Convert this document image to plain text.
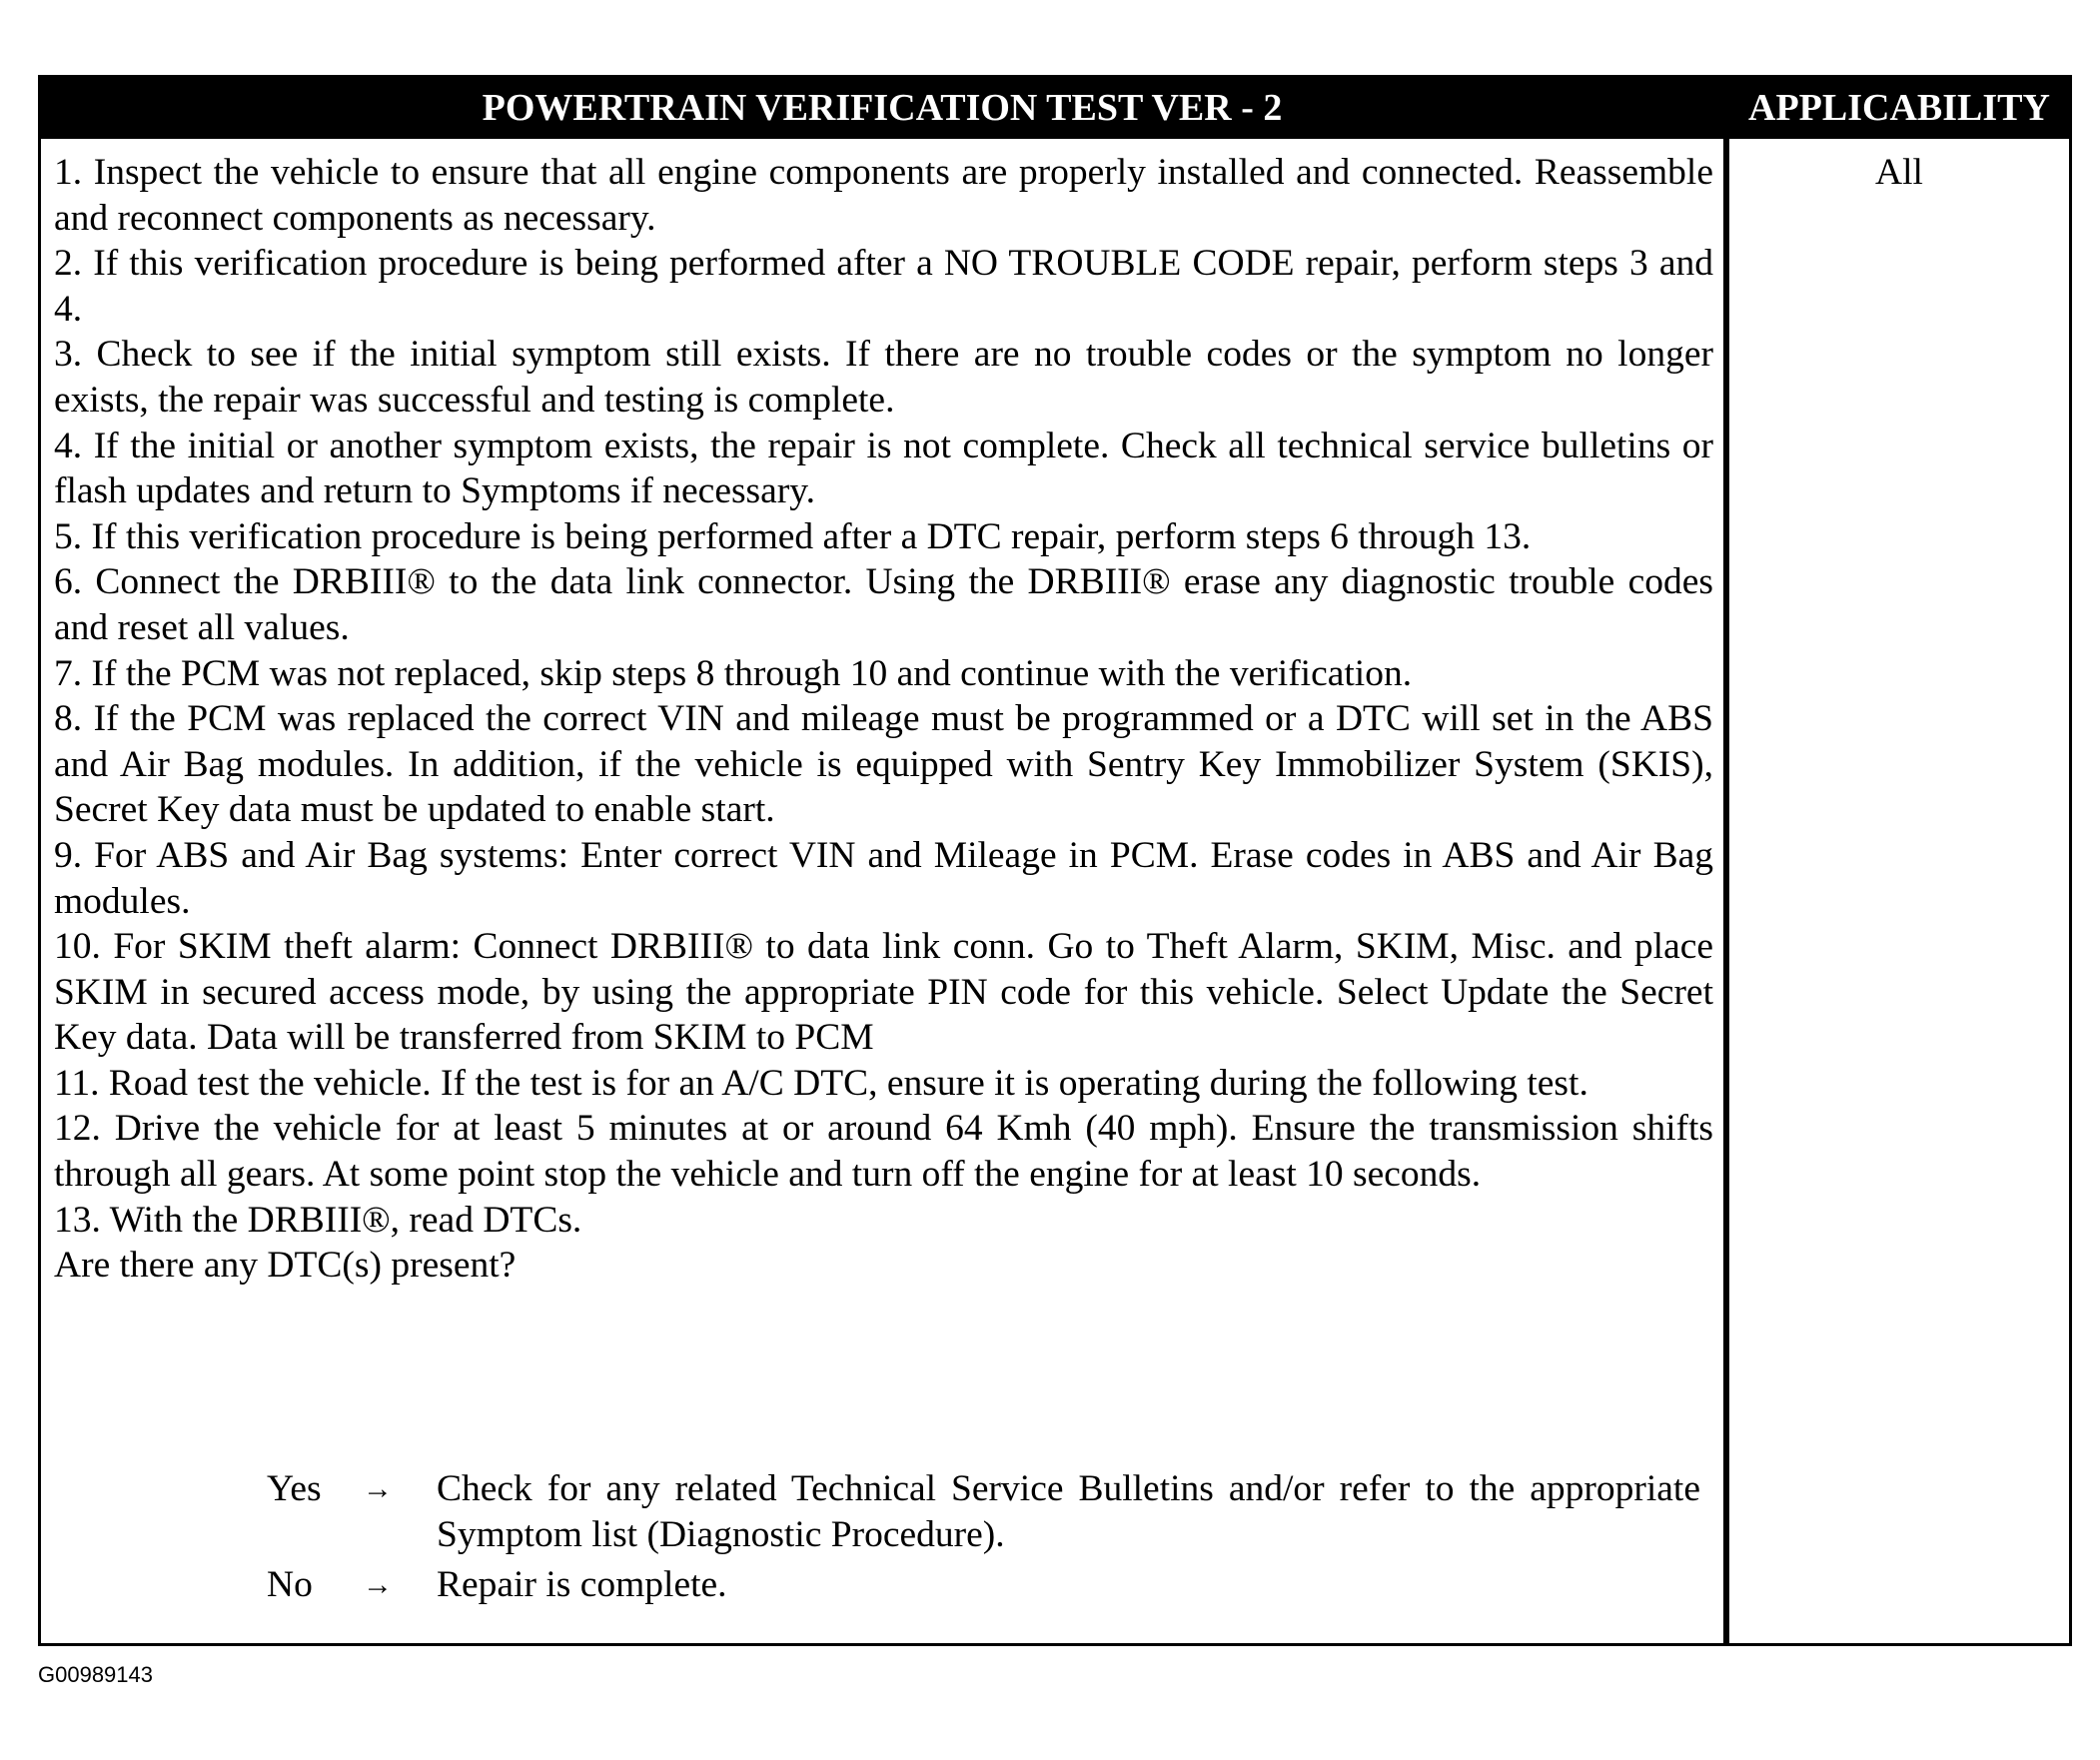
POWERTRAIN VERIFICATION TEST VER - 2	APPLICABILITY
1. Inspect the vehicle to ensure that all engine components are properly installed and connected. Reassemble and reconnect components as necessary.
2. If this verification procedure is being performed after a NO TROUBLE CODE repair, perform steps 3 and 4.
3. Check to see if the initial symptom still exists. If there are no trouble codes or the symptom no longer exists, the repair was successful and testing is complete.
4. If the initial or another symptom exists, the repair is not complete. Check all technical service bulletins or flash updates and return to Symptoms if necessary.
5. If this verification procedure is being performed after a DTC repair, perform steps 6 through 13.
6. Connect the DRBIII® to the data link connector. Using the DRBIII® erase any diagnostic trouble codes and reset all values.
7. If the PCM was not replaced, skip steps 8 through 10 and continue with the verification.
8. If the PCM was replaced the correct VIN and mileage must be programmed or a DTC will set in the ABS and Air Bag modules. In addition, if the vehicle is equipped with Sentry Key Immobilizer System (SKIS), Secret Key data must be updated to enable start.
9. For ABS and Air Bag systems: Enter correct VIN and Mileage in PCM. Erase codes in ABS and Air Bag modules.
10. For SKIM theft alarm: Connect DRBIII® to data link conn. Go to Theft Alarm, SKIM, Misc. and place SKIM in secured access mode, by using the appropriate PIN code for this vehicle. Select Update the Secret Key data. Data will be transferred from SKIM to PCM
11. Road test the vehicle. If the test is for an A/C DTC, ensure it is operating during the following test.
12. Drive the vehicle for at least 5 minutes at or around 64 Kmh (40 mph). Ensure the transmission shifts through all gears. At some point stop the vehicle and turn off the engine for at least 10 seconds.
13. With the DRBIII®, read DTCs.
Are there any DTC(s) present?
All
Yes → Check for any related Technical Service Bulletins and/or refer to the appropriate Symptom list (Diagnostic Procedure).
No → Repair is complete.
G00989143
